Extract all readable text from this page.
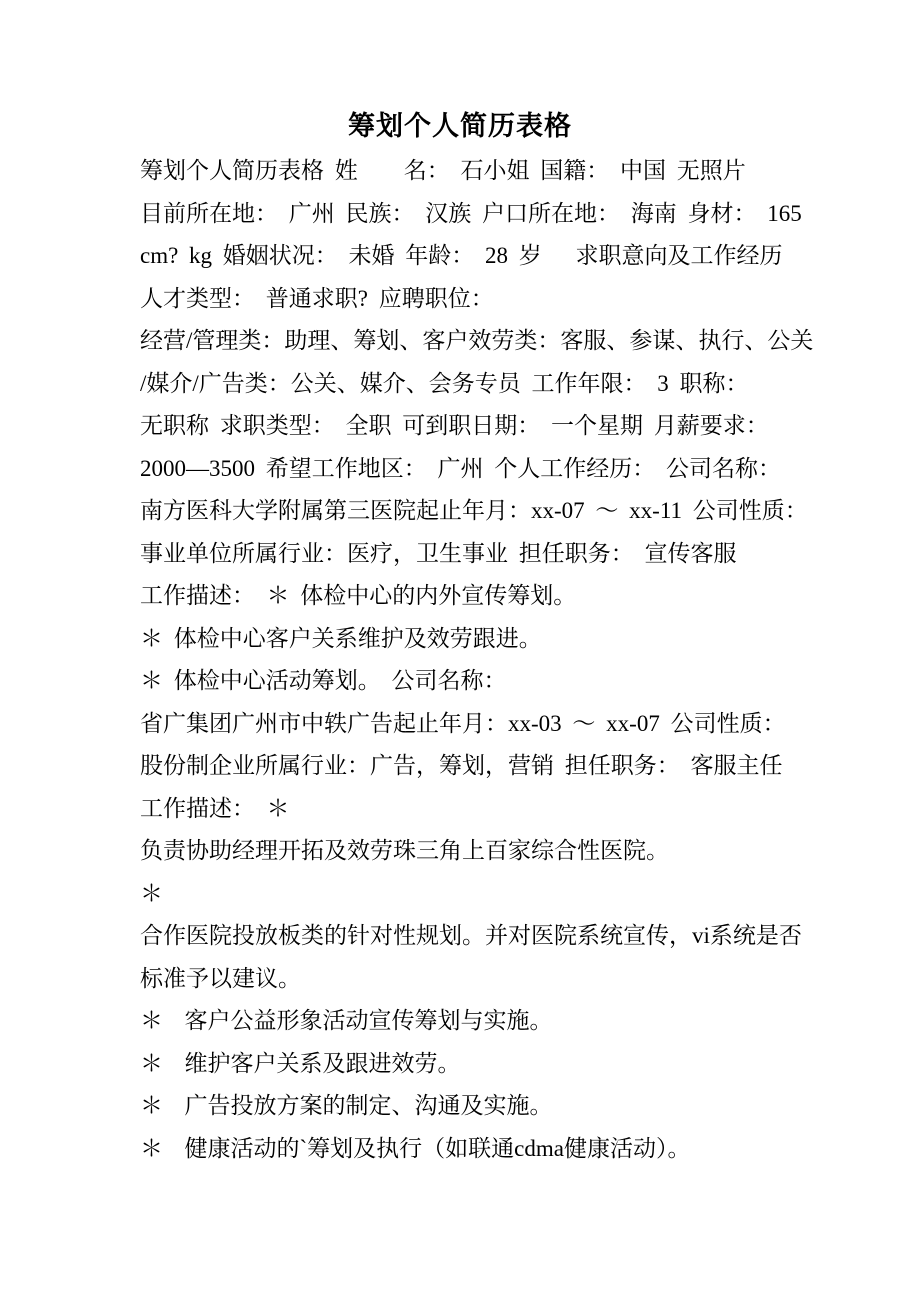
筹划个人简历表格
筹划个人简历表格 姓　　名： 石小姐 国籍： 中国 无照片
目前所在地： 广州 民族： 汉族 户口所在地： 海南 身材： 165
cm? kg 婚姻状况： 未婚 年龄： 28 岁　 求职意向及工作经历
人才类型： 普通求职? 应聘职位：
经营/管理类：助理、筹划、客户效劳类：客服、参谋、执行、公关
/媒介/广告类：公关、媒介、会务专员 工作年限： 3 职称：
无职称 求职类型： 全职 可到职日期： 一个星期 月薪要求：
2000—3500 希望工作地区： 广州 个人工作经历： 公司名称：
南方医科大学附属第三医院起止年月：xx-07 ～ xx-11 公司性质：
事业单位所属行业：医疗，卫生事业 担任职务： 宣传客服
工作描述：　＊ 体检中心的内外宣传筹划。
＊ 体检中心客户关系维护及效劳跟进。
＊ 体检中心活动筹划。 公司名称：
省广集团广州市中轶广告起止年月：xx-03 ～ xx-07 公司性质：
股份制企业所属行业：广告，筹划，营销 担任职务： 客服主任
工作描述：　＊
负责协助经理开拓及效劳珠三角上百家综合性医院。
＊
合作医院投放板类的针对性规划。并对医院系统宣传，vi系统是否
标准予以建议。
＊  客户公益形象活动宣传筹划与实施。
＊  维护客户关系及跟进效劳。
＊  广告投放方案的制定、沟通及实施。
＊  健康活动的`筹划及执行（如联通cdma健康活动）。
